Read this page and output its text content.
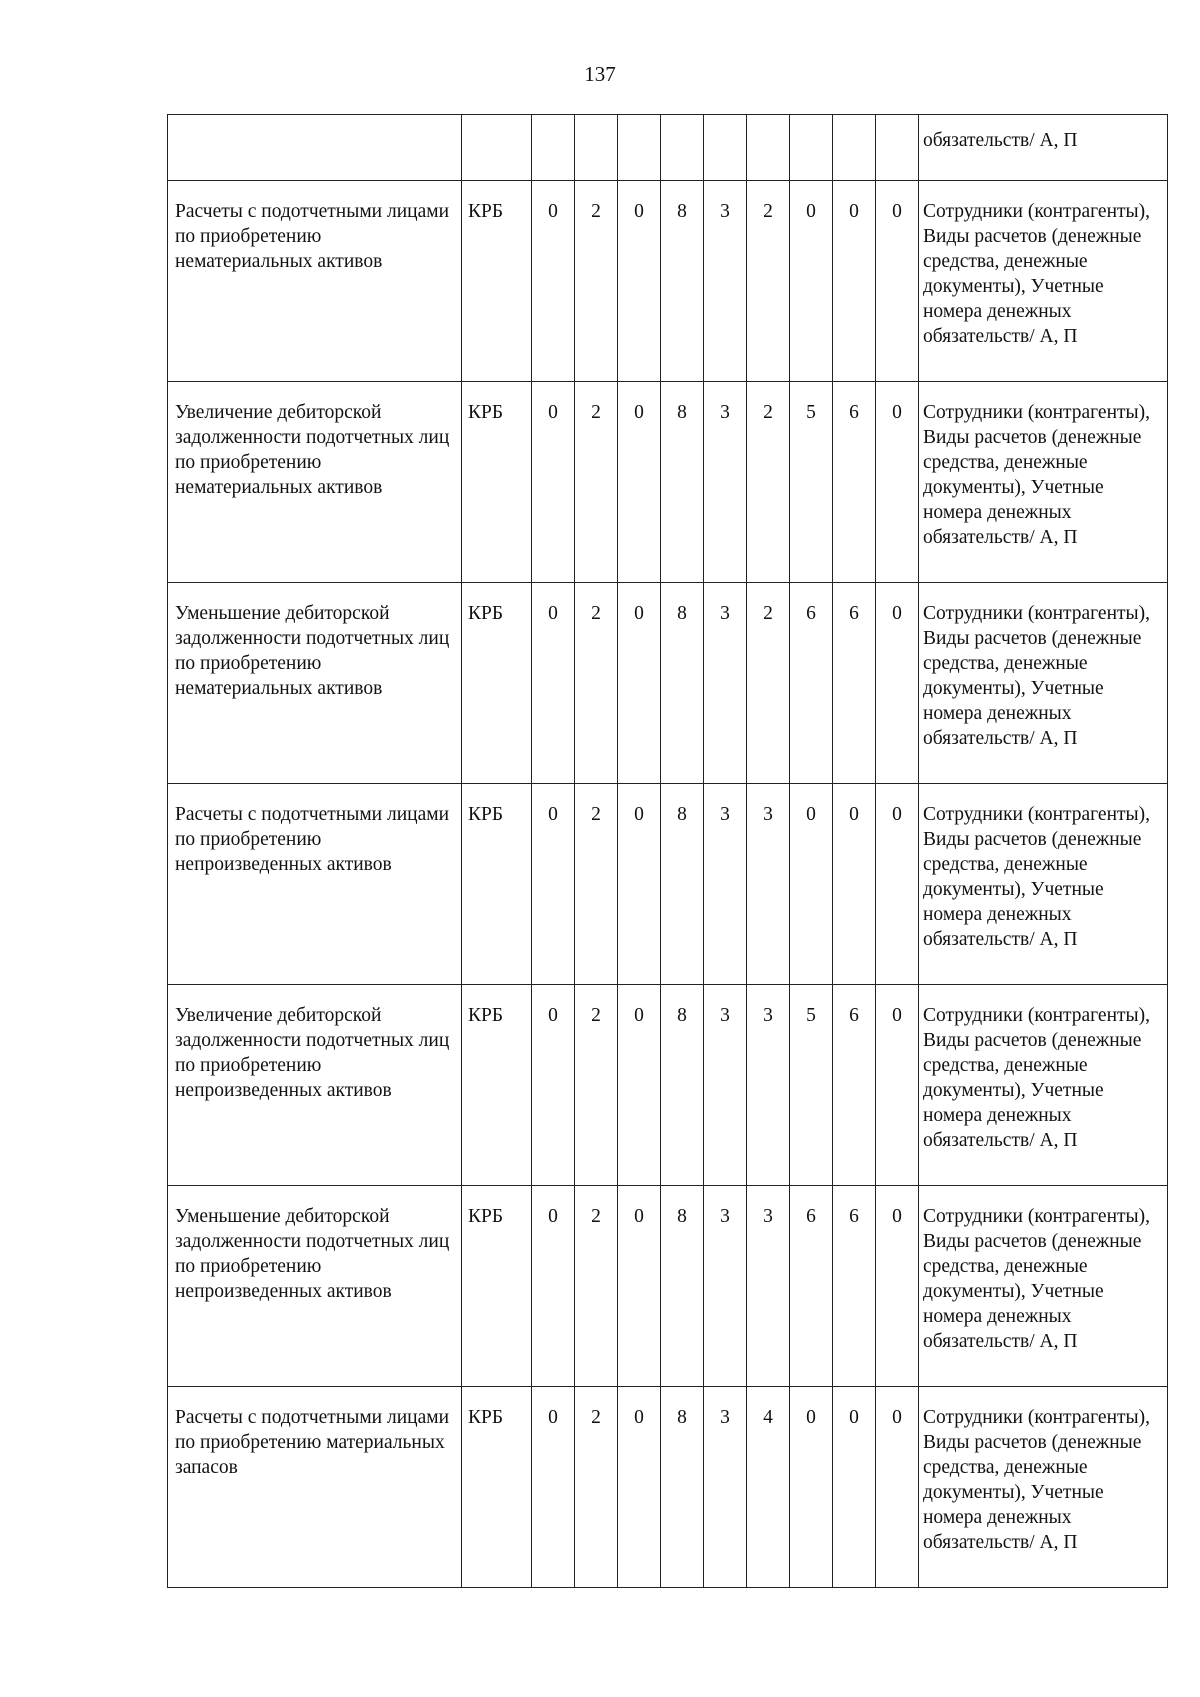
137
											обязательств/ А, П
Расчеты с подотчетными лицами по приобретению нематериальных активов	КРБ	0	2	0	8	3	2	0	0	0	Сотрудники (контрагенты), Виды расчетов (денежные средства, денежные документы), Учетные номера денежных обязательств/ А, П
Увеличение дебиторской задолженности подотчетных лиц по приобретению нематериальных активов	КРБ	0	2	0	8	3	2	5	6	0	Сотрудники (контрагенты), Виды расчетов (денежные средства, денежные документы), Учетные номера денежных обязательств/ А, П
Уменьшение дебиторской задолженности подотчетных лиц по приобретению нематериальных активов	КРБ	0	2	0	8	3	2	6	6	0	Сотрудники (контрагенты), Виды расчетов (денежные средства, денежные документы), Учетные номера денежных обязательств/ А, П
Расчеты с подотчетными лицами по приобретению непроизведенных активов	КРБ	0	2	0	8	3	3	0	0	0	Сотрудники (контрагенты), Виды расчетов (денежные средства, денежные документы), Учетные номера денежных обязательств/ А, П
Увеличение дебиторской задолженности подотчетных лиц по приобретению непроизведенных активов	КРБ	0	2	0	8	3	3	5	6	0	Сотрудники (контрагенты), Виды расчетов (денежные средства, денежные документы), Учетные номера денежных обязательств/ А, П
Уменьшение дебиторской задолженности подотчетных лиц по приобретению непроизведенных активов	КРБ	0	2	0	8	3	3	6	6	0	Сотрудники (контрагенты), Виды расчетов (денежные средства, денежные документы), Учетные номера денежных обязательств/ А, П
Расчеты с подотчетными лицами по приобретению материальных запасов	КРБ	0	2	0	8	3	4	0	0	0	Сотрудники (контрагенты), Виды расчетов (денежные средства, денежные документы), Учетные номера денежных обязательств/ А, П
